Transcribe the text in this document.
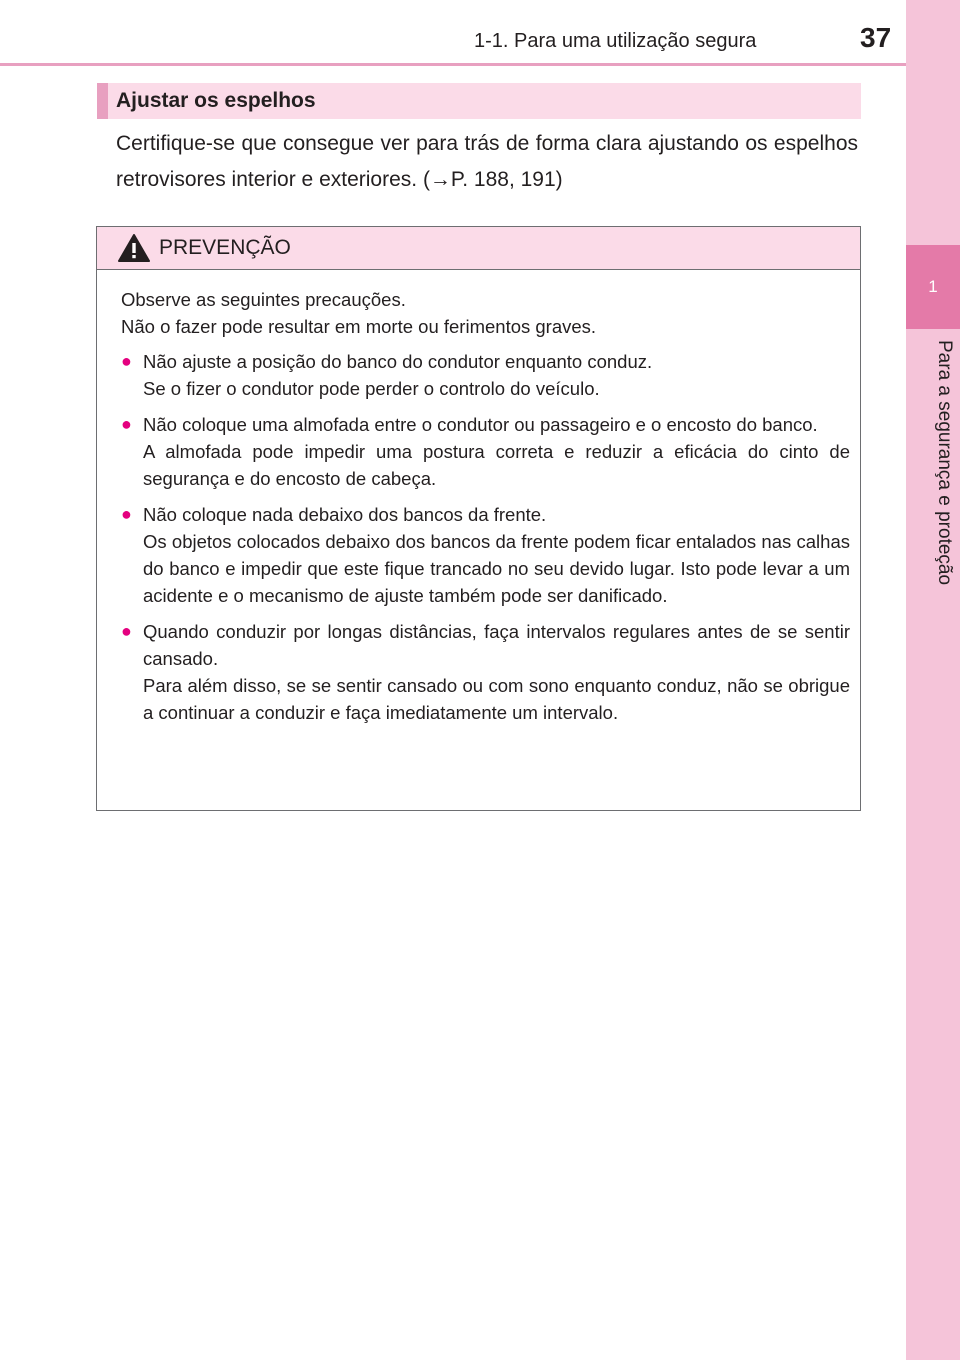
1-1. Para uma utilização segura	37
1
Para a segurança e proteção
Ajustar os espelhos

Certifique-se que consegue ver para trás de forma clara ajustando os espelhos retrovisores interior e exteriores. (→P. 188, 191)

PREVENÇÃO

Observe as seguintes precauções.

Não o fazer pode resultar em morte ou ferimentos graves.

● Não ajuste a posição do banco do condutor enquanto conduz.

Se o fizer o condutor pode perder o controlo do veículo.

● Não coloque uma almofada entre o condutor ou passageiro e o encosto do banco.

A almofada pode impedir uma postura correta e reduzir a eficácia do cinto de segurança e do encosto de cabeça.

● Não coloque nada debaixo dos bancos da frente.

Os objetos colocados debaixo dos bancos da frente podem ficar entalados nas calhas do banco e impedir que este fique trancado no seu devido lugar. Isto pode levar a um acidente e o mecanismo de ajuste também pode ser danificado.

● Quando conduzir por longas distâncias, faça intervalos regulares antes de se sentir cansado.

Para além disso, se se sentir cansado ou com sono enquanto conduz, não se obrigue a continuar a conduzir e faça imediatamente um intervalo.
